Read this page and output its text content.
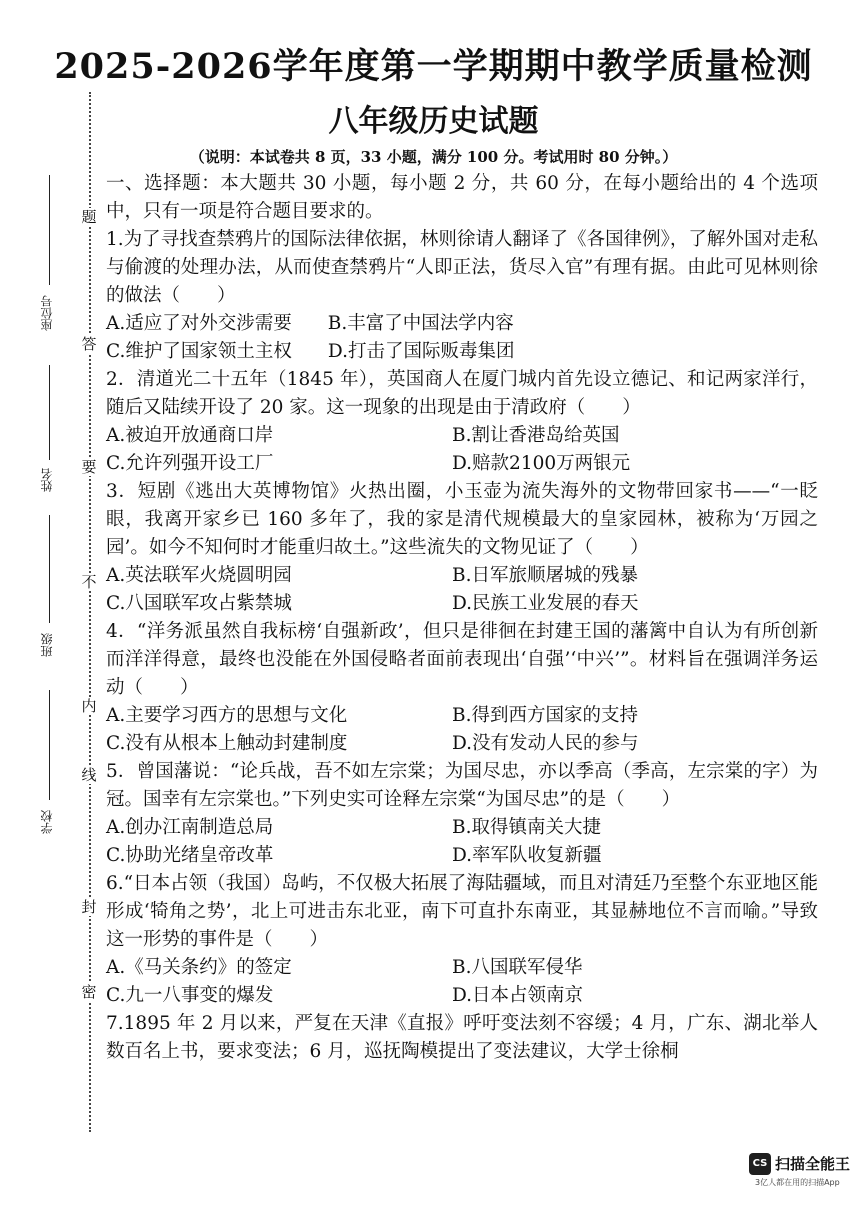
2025-2026学年度第一学期期中教学质量检测
八年级历史试题
（说明：本试卷共 8 页，33 小题，满分 100 分。考试用时 80 分钟。）
题
答
要
不
内
线
封
密
座位号
姓名
班级
学校

一、选择题：本大题共 30 小题，每小题 2 分，共 60 分，在每小题给出的 4 个选项中，只有一项是符合题目要求的。

1.为了寻找查禁鸦片的国际法律依据，林则徐请人翻译了《各国律例》，了解外国对走私与偷渡的处理办法，从而使查禁鸦片“人即正法，货尽入官”有理有据。由此可见林则徐的做法（　　）

A.适应了对外交涉需要 B.丰富了中国法学内容
C.维护了国家领土主权 D.打击了国际贩毒集团

2．清道光二十五年（1845 年），英国商人在厦门城内首先设立德记、和记两家洋行，随后又陆续开设了 20 家。这一现象的出现是由于清政府（　　）

A.被迫开放通商口岸	B.割让香港岛给英国
C.允许列强开设工厂	D.赔款2100万两银元

3．短剧《逃出大英博物馆》火热出圈，小玉壶为流失海外的文物带回家书——“一眨眼，我离开家乡已 160 多年了，我的家是清代规模最大的皇家园林，被称为‘万园之园’。如今不知何时才能重归故土。”这些流失的文物见证了（　　）

A.英法联军火烧圆明园	B.日军旅顺屠城的残暴
C.八国联军攻占紫禁城	D.民族工业发展的春天

4．“洋务派虽然自我标榜‘自强新政’，但只是徘徊在封建王国的藩篱中自认为有所创新而洋洋得意，最终也没能在外国侵略者面前表现出‘自强’‘中兴’”。材料旨在强调洋务运动（　　）

A.主要学习西方的思想与文化	B.得到西方国家的支持
C.没有从根本上触动封建制度	D.没有发动人民的参与

5．曾国藩说：“论兵战，吾不如左宗棠；为国尽忠，亦以季高（季高，左宗棠的字）为冠。国幸有左宗棠也。”下列史实可诠释左宗棠“为国尽忠”的是（　　）

A.创办江南制造总局	B.取得镇南关大捷
C.协助光绪皇帝改革	D.率军队收复新疆

6.“日本占领（我国）岛屿，不仅极大拓展了海陆疆域，而且对清廷乃至整个东亚地区能形成‘犄角之势’，北上可进击东北亚，南下可直扑东南亚，其显赫地位不言而喻。”导致这一形势的事件是（　　）

A.《马关条约》的签定	B.八国联军侵华
C.九一八事变的爆发	D.日本占领南京

7.1895 年 2 月以来，严复在天津《直报》呼吁变法刻不容缓；4 月，广东、湖北举人数百名上书，要求变法；6 月，巡抚陶模提出了变法建议，大学士徐桐

CS 扫描全能王
3亿人都在用的扫描App
